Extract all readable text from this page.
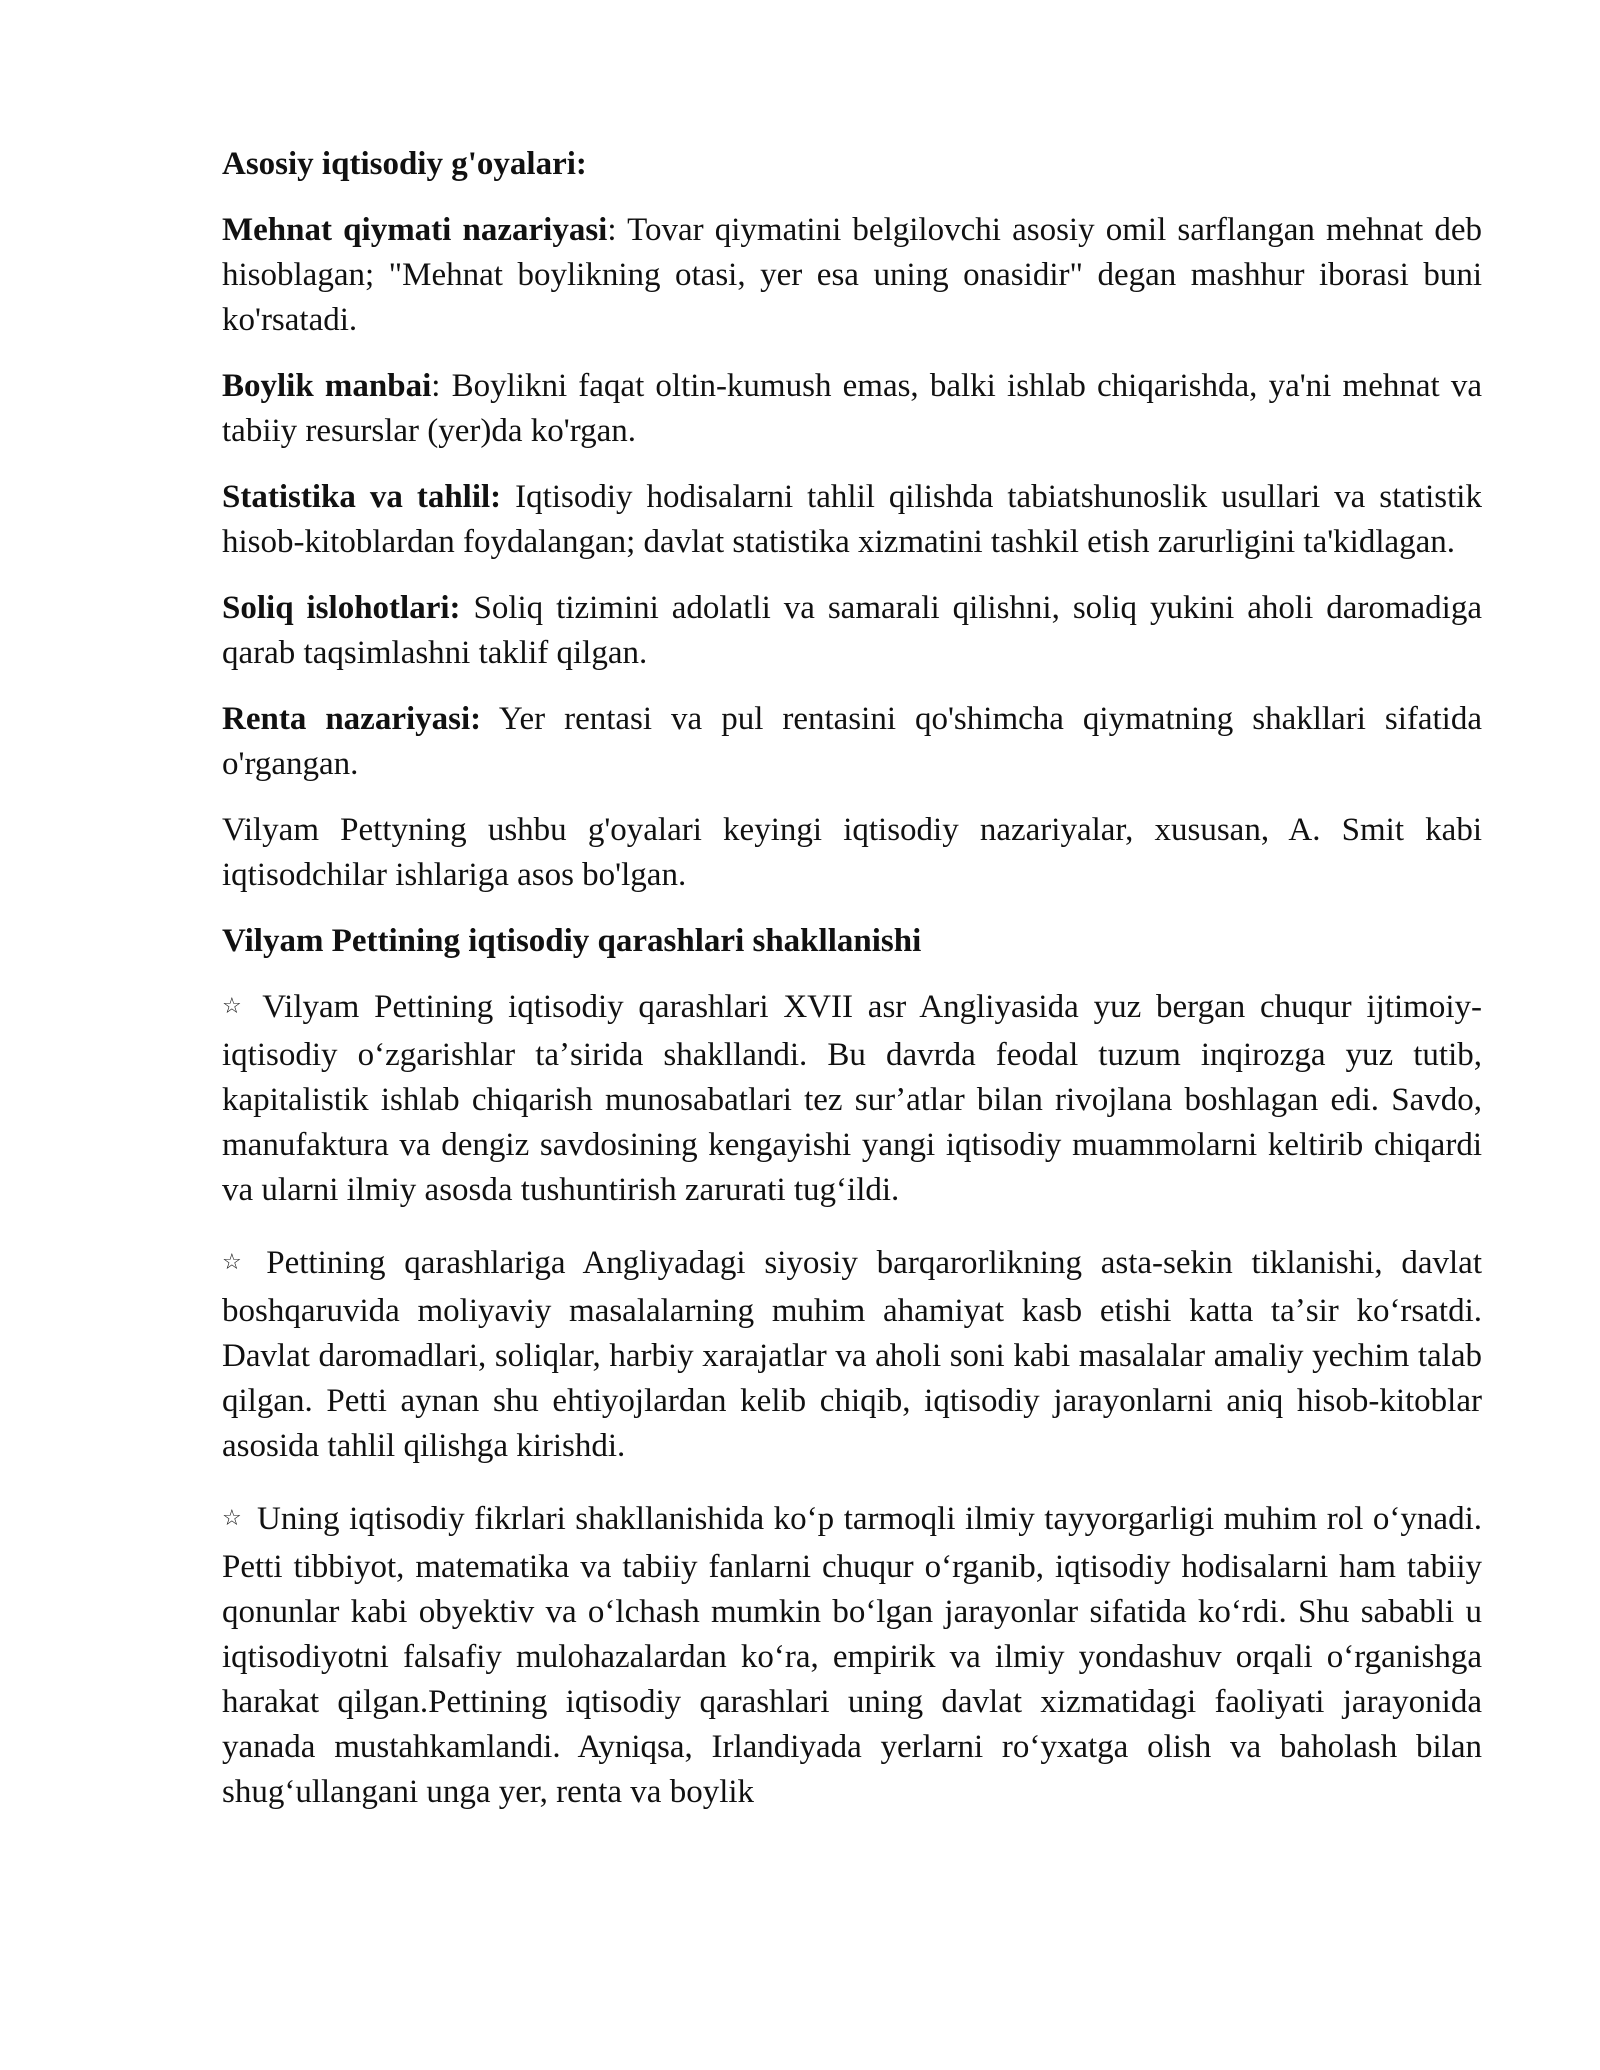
Asosiy iqtisodiy g'oyalari:

Mehnat qiymati nazariyasi: Tovar qiymatini belgilovchi asosiy omil sarflangan mehnat deb hisoblagan; "Mehnat boylikning otasi, yer esa uning onasidir" degan mashhur iborasi buni ko'rsatadi.

Boylik manbai: Boylikni faqat oltin-kumush emas, balki ishlab chiqarishda, ya'ni mehnat va tabiiy resurslar (yer)da ko'rgan.

Statistika va tahlil: Iqtisodiy hodisalarni tahlil qilishda tabiatshunoslik usullari va statistik hisob-kitoblardan foydalangan; davlat statistika xizmatini tashkil etish zarurligini ta'kidlagan.

Soliq islohotlari: Soliq tizimini adolatli va samarali qilishni, soliq yukini aholi daromadiga qarab taqsimlashni taklif qilgan.

Renta nazariyasi: Yer rentasi va pul rentasini qo'shimcha qiymatning shakllari sifatida o'rgangan.

Vilyam Pettyning ushbu g'oyalari keyingi iqtisodiy nazariyalar, xususan, A. Smit kabi iqtisodchilar ishlariga asos bo'lgan.

Vilyam Pettining iqtisodiy qarashlari shakllanishi

☆ Vilyam Pettining iqtisodiy qarashlari XVII asr Angliyasida yuz bergan chuqur ijtimoiy-iqtisodiy oʻzgarishlar taʼsirida shakllandi. Bu davrda feodal tuzum inqirozga yuz tutib, kapitalistik ishlab chiqarish munosabatlari tez surʼatlar bilan rivojlana boshlagan edi. Savdo, manufaktura va dengiz savdosining kengayishi yangi iqtisodiy muammolarni keltirib chiqardi va ularni ilmiy asosda tushuntirish zarurati tugʻildi.

☆ Pettining qarashlariga Angliyadagi siyosiy barqarorlikning asta-sekin tiklanishi, davlat boshqaruvida moliyaviy masalalarning muhim ahamiyat kasb etishi katta taʼsir koʻrsatdi. Davlat daromadlari, soliqlar, harbiy xarajatlar va aholi soni kabi masalalar amaliy yechim talab qilgan. Petti aynan shu ehtiyojlardan kelib chiqib, iqtisodiy jarayonlarni aniq hisob-kitoblar asosida tahlil qilishga kirishdi.

☆ Uning iqtisodiy fikrlari shakllanishida koʻp tarmoqli ilmiy tayyorgarligi muhim rol oʻynadi. Petti tibbiyot, matematika va tabiiy fanlarni chuqur oʻrganib, iqtisodiy hodisalarni ham tabiiy qonunlar kabi obyektiv va oʻlchash mumkin boʻlgan jarayonlar sifatida koʻrdi. Shu sababli u iqtisodiyotni falsafiy mulohazalardan koʻra, empirik va ilmiy yondashuv orqali oʻrganishga harakat qilgan.Pettining iqtisodiy qarashlari uning davlat xizmatidagi faoliyati jarayonida yanada mustahkamlandi. Ayniqsa, Irlandiyada yerlarni roʻyxatga olish va baholash bilan shugʻullangani unga yer, renta va boylik
